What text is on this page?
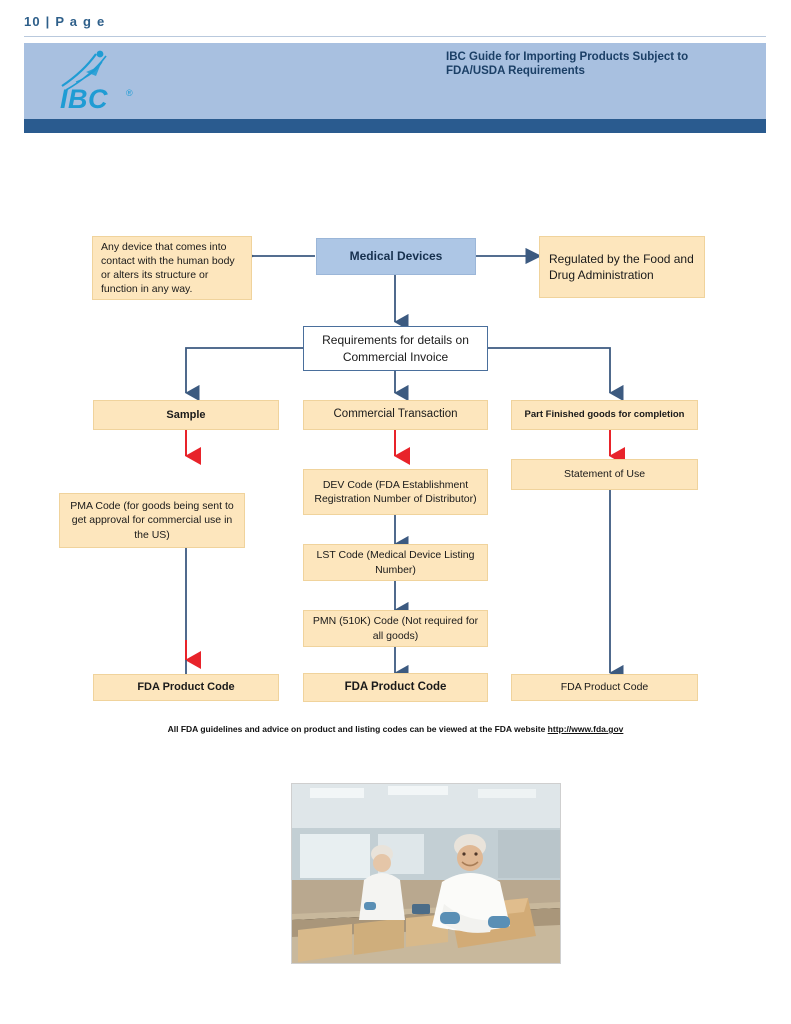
10 | P a g e
IBC ®
IBC Guide for Importing Products Subject to FDA/USDA Requirements
Medical Devices
Any device that comes into contact with the human body or alters its structure or function in any way.
Regulated by the Food and Drug Administration
Requirements for details on Commercial Invoice
Sample	Commercial Transaction	Part Finished goods for completion
PMA Code (for goods being sent to get approval for commercial use in the US)
DEV Code (FDA Establishment Registration Number of Distributor)
Statement of Use
LST Code (Medical Device Listing Number)
PMN (510K) Code (Not required for all goods)
FDA Product Code	FDA Product Code	FDA Product Code
All FDA guidelines and advice on product and listing codes can be viewed at the FDA website http://www.fda.gov
